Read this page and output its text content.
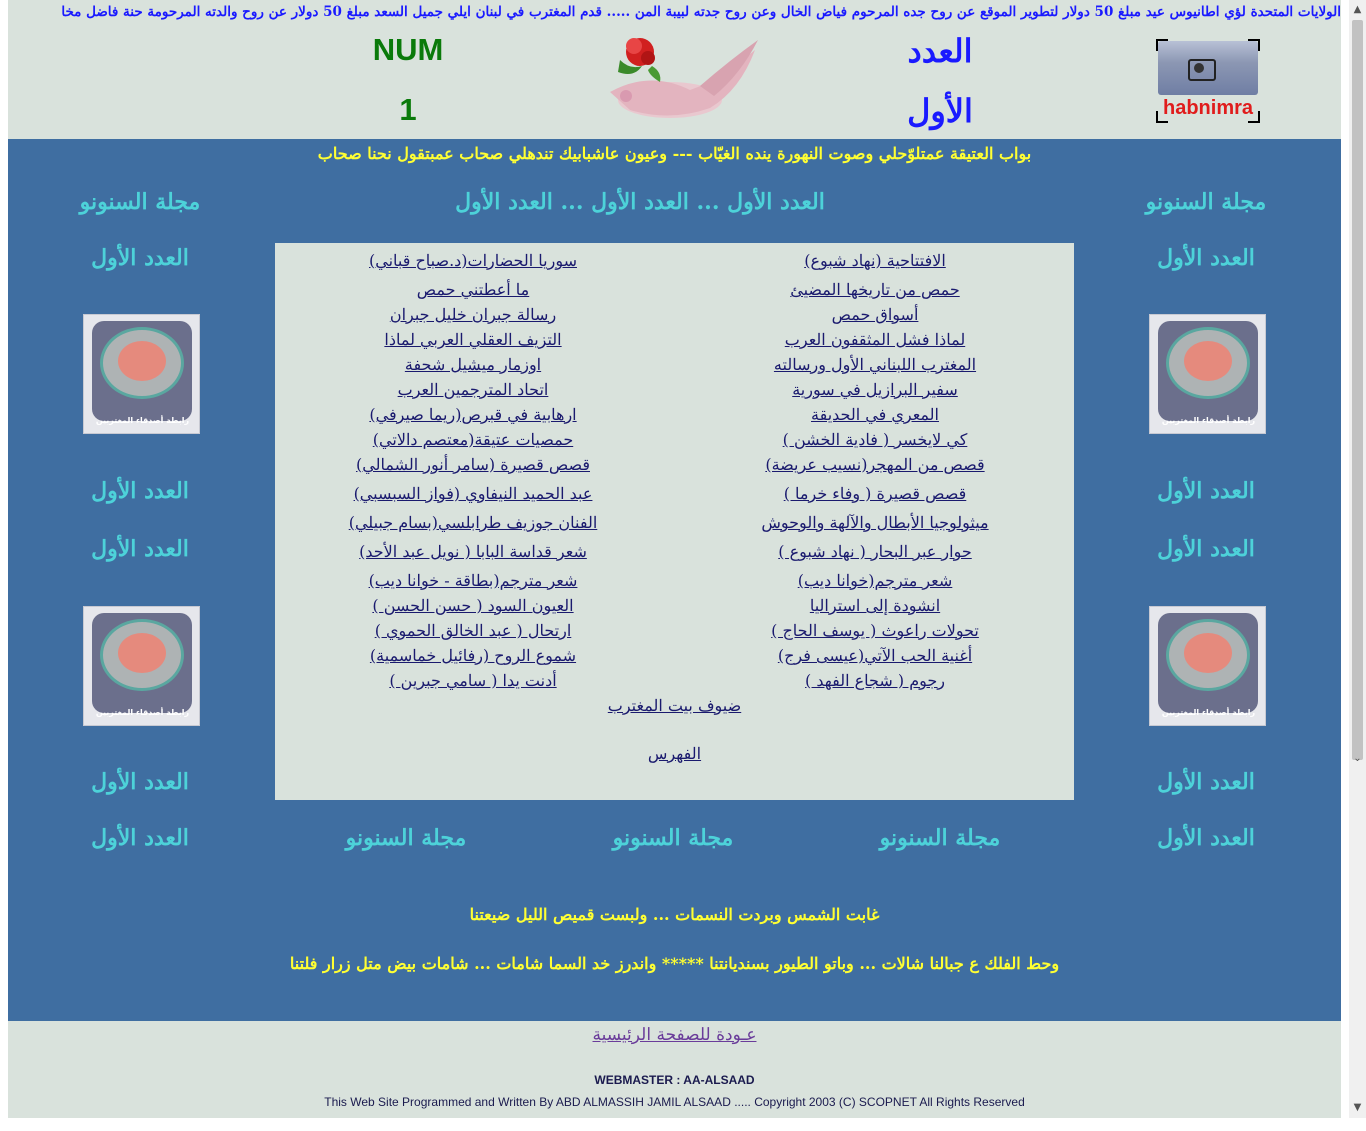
الولايات المتحدة لؤي اطانيوس عيد مبلغ 50 دولار لتطوير الموقع عن روح جده المرحوم فياض الخال وعن روح جدته لبيبة المن ..... قدم المغترب في لبنان ايلي جميل السعد مبلغ 50 دولار عن روح والدته المرحومة حنة فاضل مخا
habnimra
العدد
الأول
NUM
1
بواب العتيقة عمتلوّحلي وصوت النهورة ينده الغيّاب --- وعيون عاشبابيك تندهلي صحاب عمبتقول نحنا صحاب
مجلة السنونو
العدد الأول ... العدد الأول ... العدد الأول
مجلة السنونو
العدد الأول
العدد الأول
رابطة أصدقاء المغتربين
رابطة أصدقاء المغتربين
العدد الأول
العدد الأول
العدد الأول
العدد الأول
رابطة أصدقاء المغتربين
رابطة أصدقاء المغتربين
العدد الأول
العدد الأول
العدد الأول
مجلة السنونو
مجلة السنونو
مجلة السنونو
العدد الأول
الافتتاحية (نهاد شبوع)
حمص من تاريخها المضيئ
أسواق حمص
لماذا فشل المثقفون العرب
المغترب اللبناني الأول ورسالته
سفير البرازيل في سورية
المعري في الحديقة
كي لايخسر ( فادية الخشن )
قصص من المهجر(نسيب عريضة)
قصص قصيرة ( وفاء خرما )
ميثولوجيا الأبطال والآلهة والوحوش
حوار عبر البحار ( نهاد شبوع )
شعر مترجم(خوانا ديب)
انشودة إلى استراليا
تحولات راعوث ( يوسف الحاج )
أغنية الحب الآتي(عيسى فرج)
رجوم ( شجاع الفهد )
سوريا الحضارات(د.صباح قباني)
ما أعطتني حمص
رسالة جبران خليل جبران
التزيف العقلي العربي لماذا
اوزمار ميشيل شحفة
اتحاد المترجمين العرب
ارهابية في قبرص(ريما صيرفي)
حمصيات عتيقة(معتصم دالاتي)
قصص قصيرة (سامر أنور الشمالي)
عبد الحميد النيفاوي (فواز السبسبي)
الفنان جوزيف طرابلسي(بسام جبيلي)
شعر قداسة البابا ( نويل عبد الأحد)
شعر مترجم(بطاقة - خوانا ديب)
العيون السود ( حسن الحسن )
ارتحال ( عبد الخالق الحموي )
شموع الروح (رفائيل خماسمية)
أدنت يدا ( سامي جبرين )
ضيوف بيت المغترب
الفهرس
غابت الشمس وبردت النسمات ... ولبست قميص الليل ضيعتنا
وحط الفلك ع جبالنا شالات ... وباتو الطيور بسنديانتنا ***** واندرز خد السما شامات ... شامات بيض متل زرار فلتنا
عـودة للصفحة الرئيسية
WEBMASTER : AA-ALSAAD
This Web Site Programmed and Written By ABD ALMASSIH JAMIL ALSAAD ..... Copyright 2003 (C) SCOPNET All Rights Reserved
▲
⌄
▼
